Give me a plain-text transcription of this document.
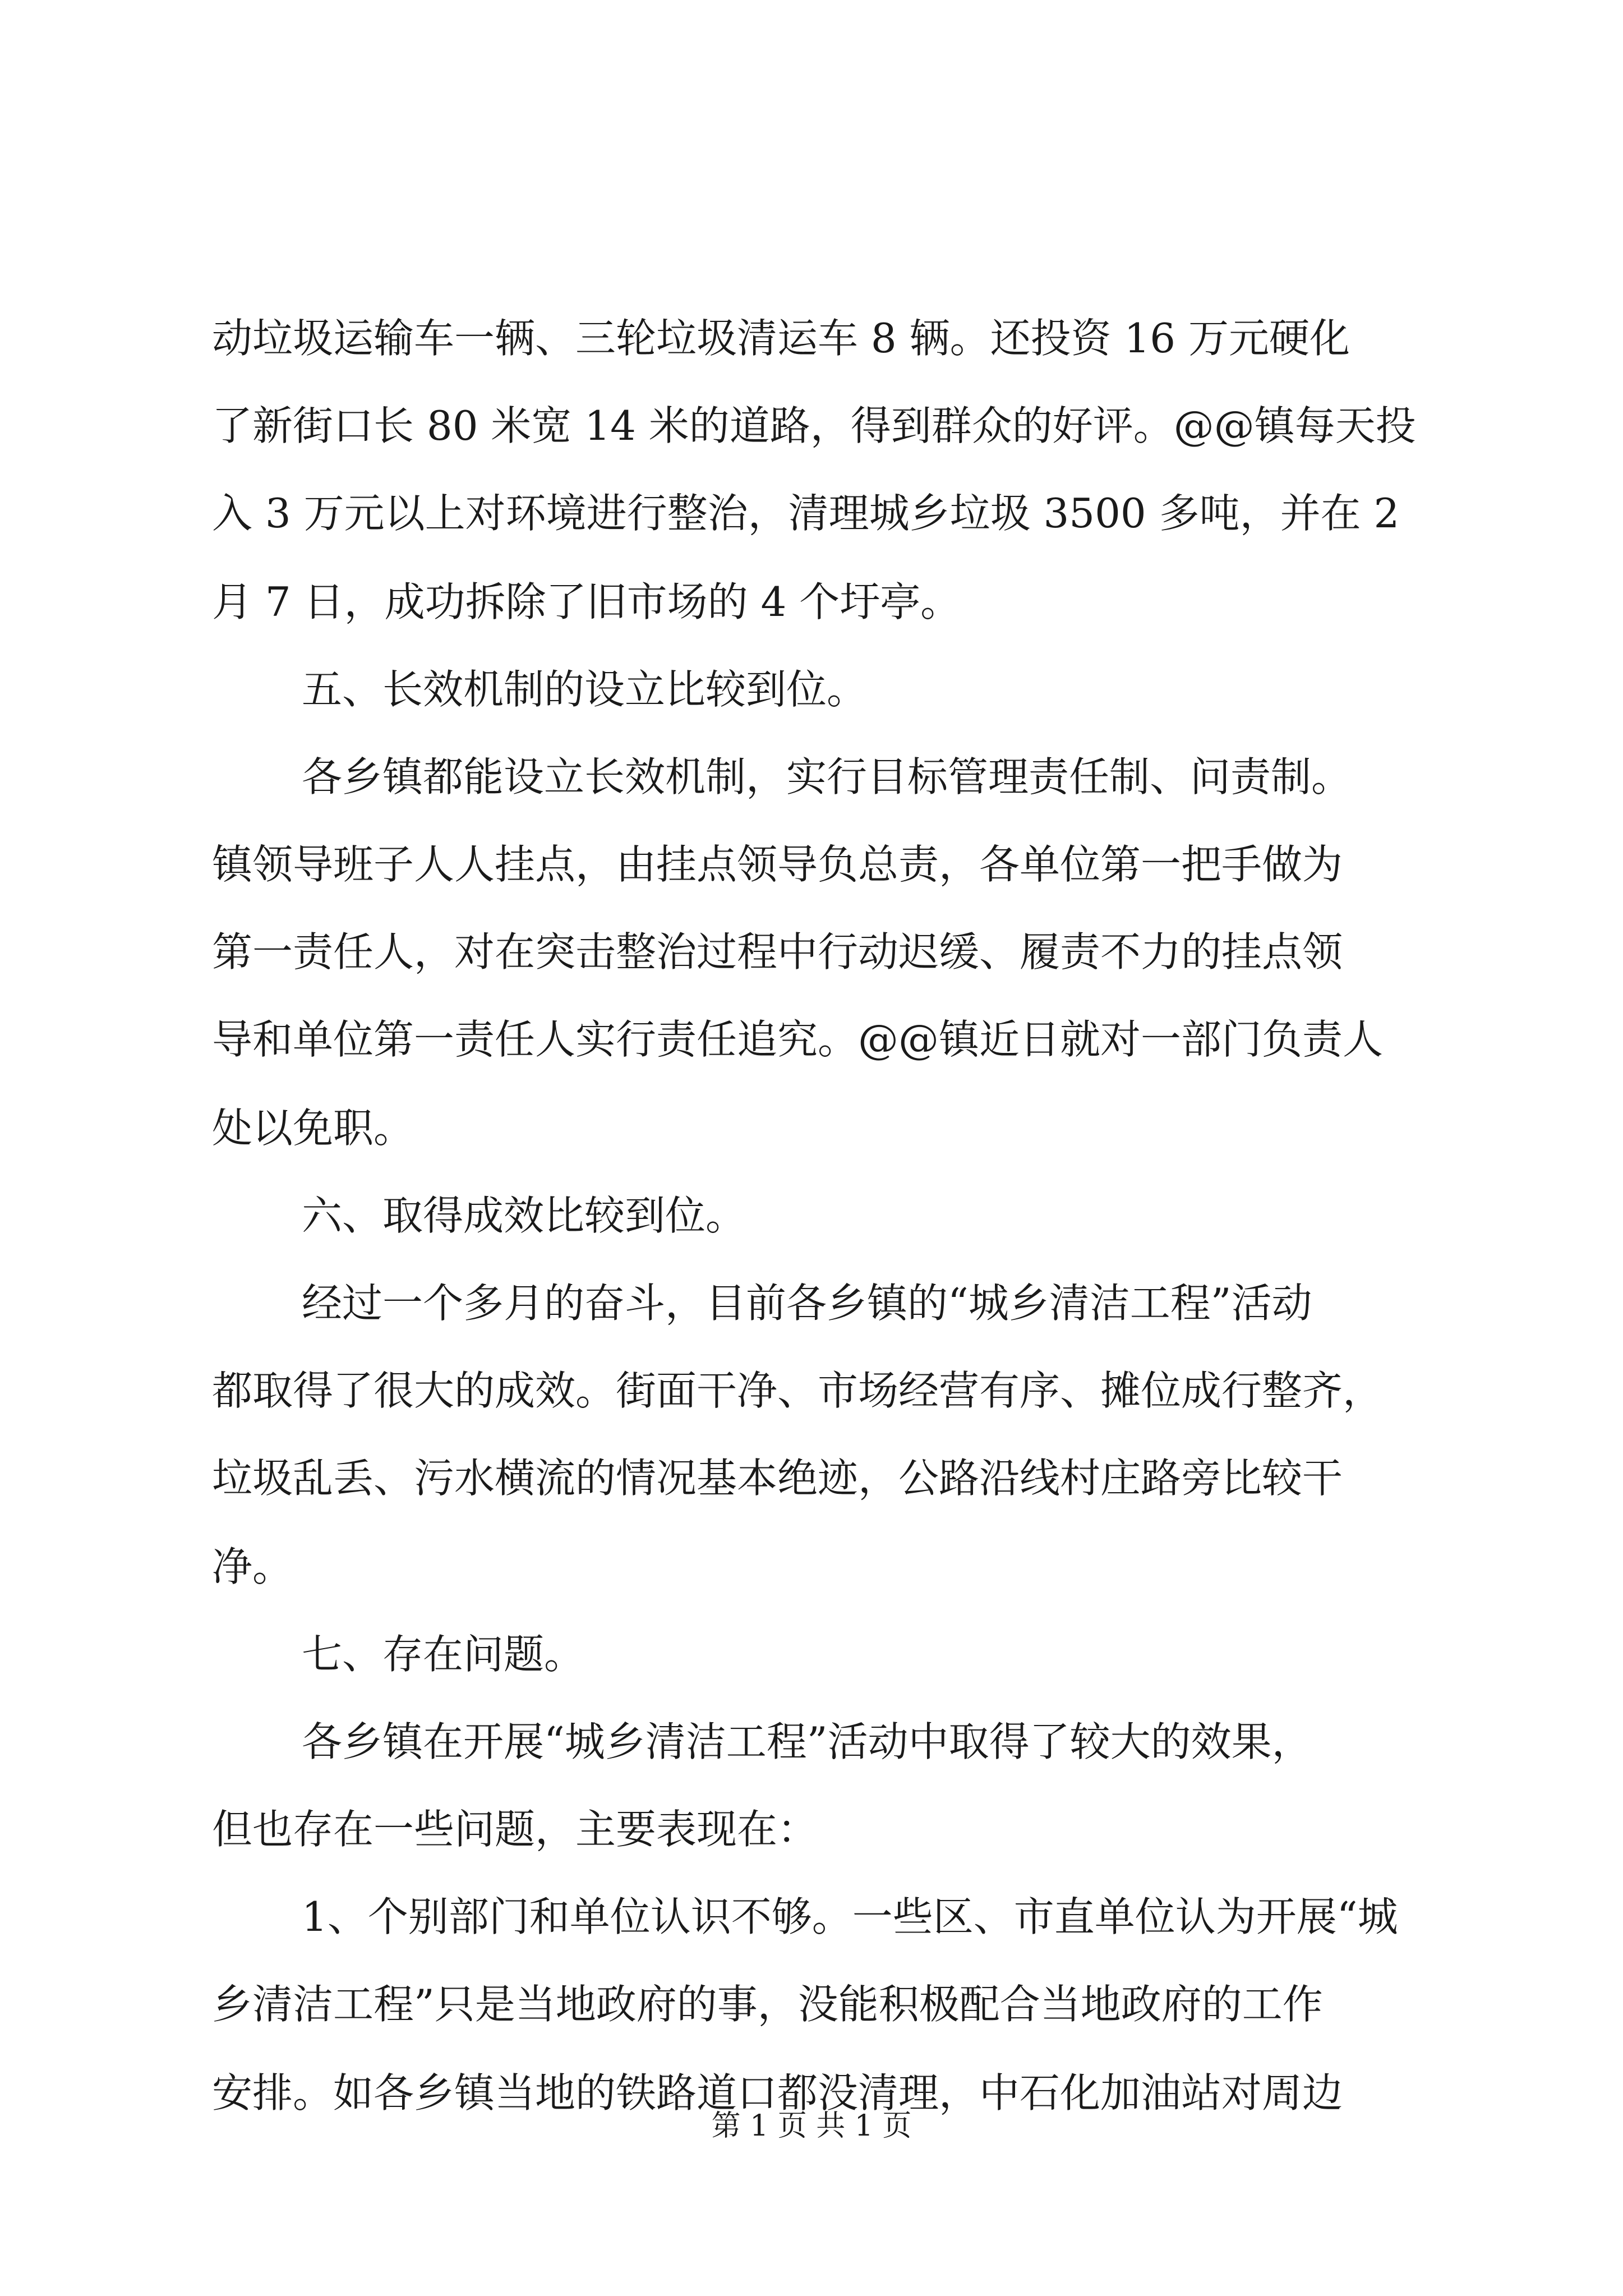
动垃圾运输车一辆、三轮垃圾清运车 8 辆。还投资 16 万元硬化
了新街口长 80 米宽 14 米的道路，得到群众的好评。@@镇每天投
入 3 万元以上对环境进行整治，清理城乡垃圾 3500 多吨，并在 2
月 7 日，成功拆除了旧市场的 4 个圩亭。
五、长效机制的设立比较到位。
各乡镇都能设立长效机制，实行目标管理责任制、问责制。
镇领导班子人人挂点，由挂点领导负总责，各单位第一把手做为
第一责任人，对在突击整治过程中行动迟缓、履责不力的挂点领
导和单位第一责任人实行责任追究。@@镇近日就对一部门负责人
处以免职。
六、取得成效比较到位。
经过一个多月的奋斗，目前各乡镇的“城乡清洁工程”活动
都取得了很大的成效。街面干净、市场经营有序、摊位成行整齐，
垃圾乱丢、污水横流的情况基本绝迹，公路沿线村庄路旁比较干
净。
七、存在问题。
各乡镇在开展“城乡清洁工程”活动中取得了较大的效果，
但也存在一些问题，主要表现在：
1、个别部门和单位认识不够。一些区、市直单位认为开展“城
乡清洁工程”只是当地政府的事，没能积极配合当地政府的工作
安排。如各乡镇当地的铁路道口都没清理，中石化加油站对周边
第 1 页 共 1 页
